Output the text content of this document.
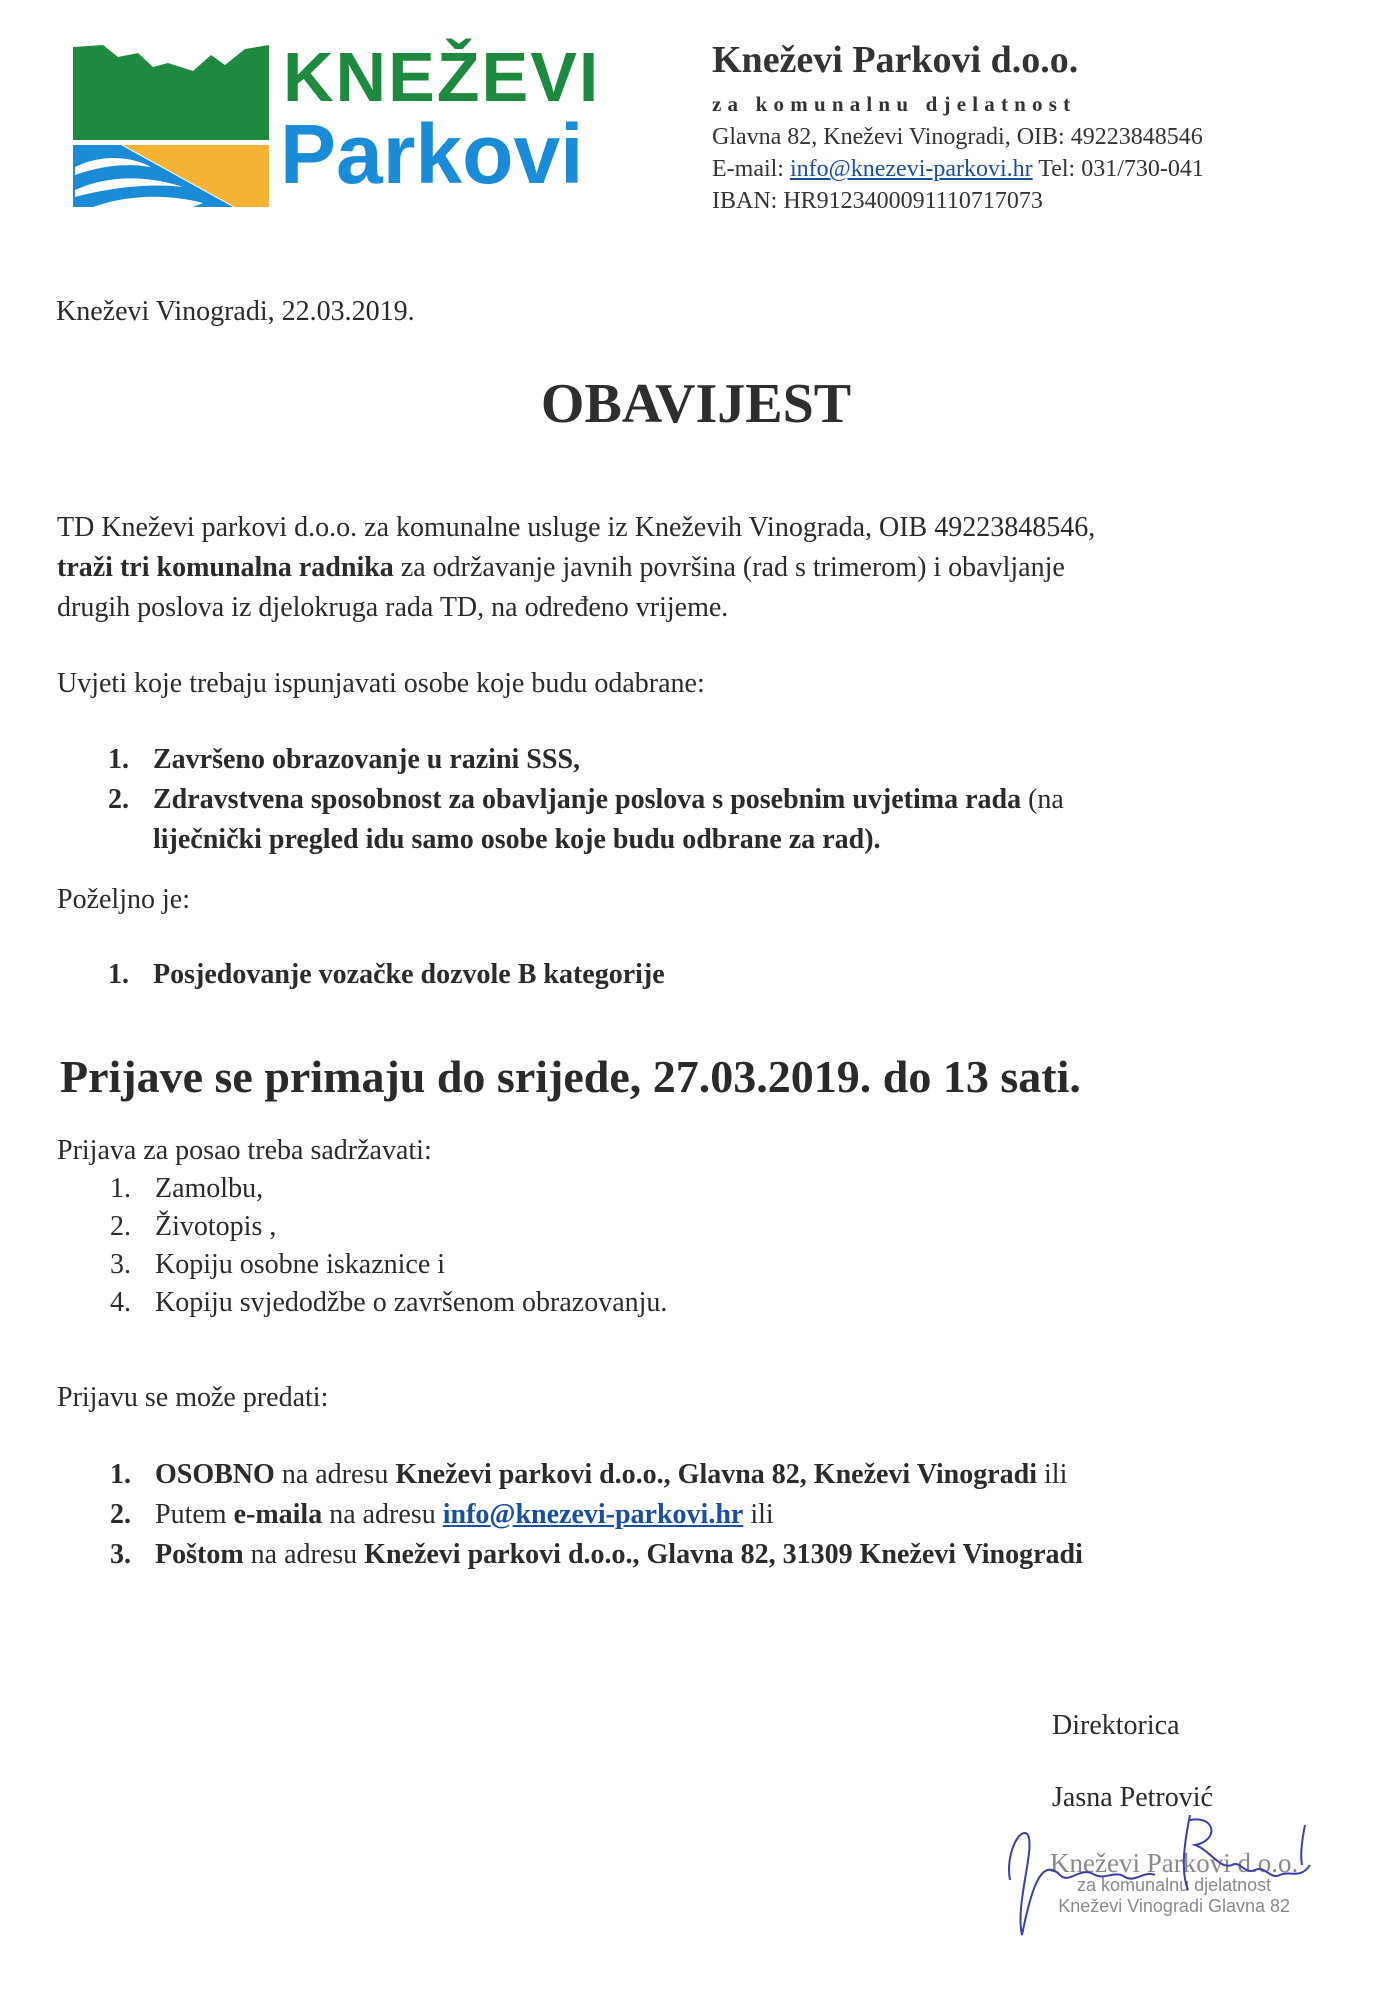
KNEŽEVI
Parkovi
Kneževi Parkovi d.o.o.
za komunalnu djelatnost
Glavna 82, Kneževi Vinogradi, OIB: 49223848546
E-mail: info@knezevi-parkovi.hr Tel: 031/730-041
IBAN: HR9123400091110717073
Kneževi Vinogradi, 22.03.2019.
OBAVIJEST
TD Kneževi parkovi d.o.o. za komunalne usluge iz Kneževih Vinograda, OIB 49223848546,
traži tri komunalna radnika za održavanje javnih površina (rad s trimerom) i obavljanje
drugih poslova iz djelokruga rada TD, na određeno vrijeme.
Uvjeti koje trebaju ispunjavati osobe koje budu odabrane:
1. Završeno obrazovanje u razini SSS,
2. Zdravstvena sposobnost za obavljanje poslova s posebnim uvjetima rada (na
liječnički pregled idu samo osobe koje budu odbrane za rad).
Poželjno je:
1. Posjedovanje vozačke dozvole B kategorije
Prijave se primaju do srijede, 27.03.2019. do 13 sati.
Prijava za posao treba sadržavati:
1. Zamolbu,
2. Životopis ,
3. Kopiju osobne iskaznice i
4. Kopiju svjedodžbe o završenom obrazovanju.
Prijavu se može predati:
1. OSOBNO na adresu Kneževi parkovi d.o.o., Glavna 82, Kneževi Vinogradi ili
2. Putem e-maila na adresu info@knezevi-parkovi.hr ili
3. Poštom na adresu Kneževi parkovi d.o.o., Glavna 82, 31309 Kneževi Vinogradi
Direktorica
Jasna Petrović
Kneževi Parkovi d.o.o.
za komunalnu djelatnost
Kneževi Vinogradi Glavna 82
